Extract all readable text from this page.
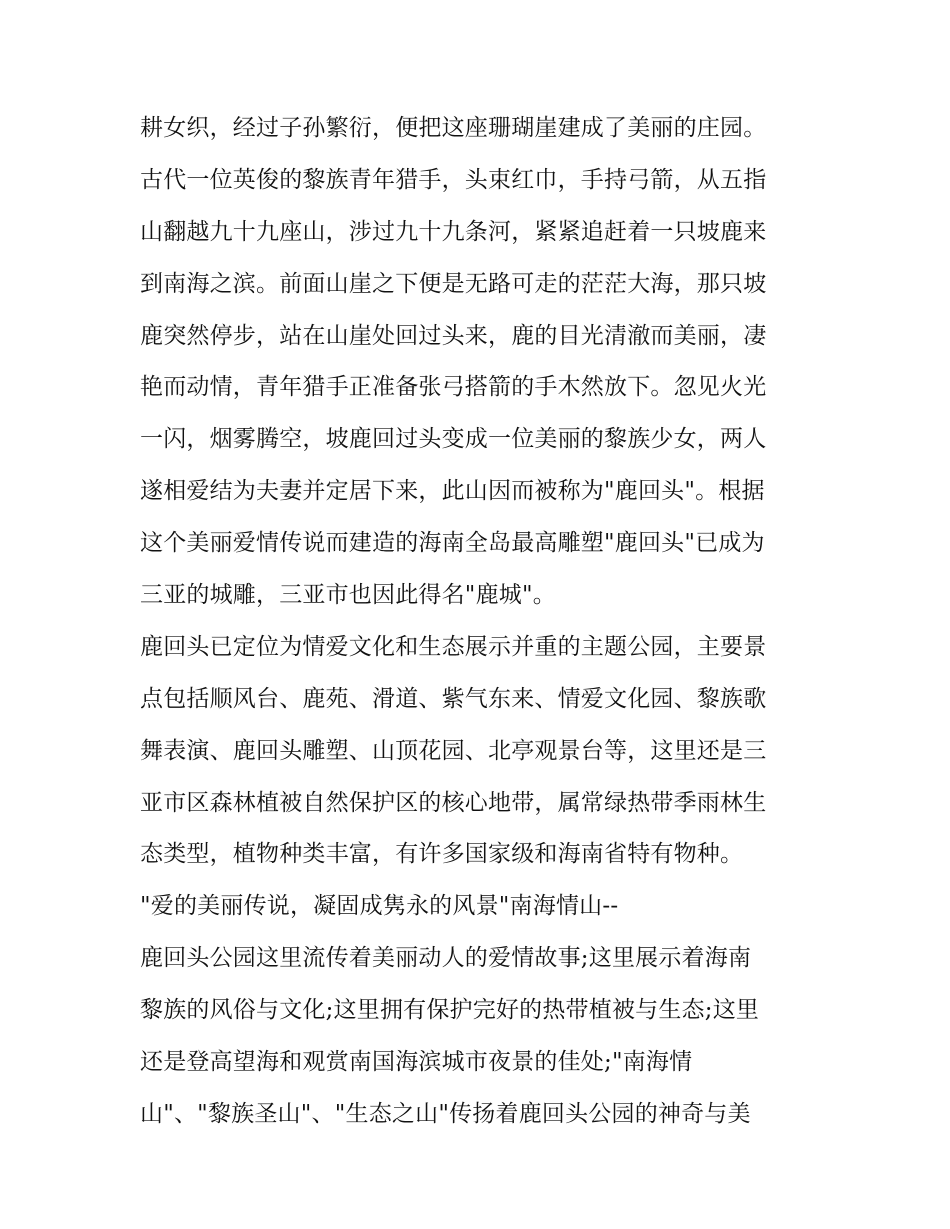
耕女织，经过子孙繁衍，便把这座珊瑚崖建成了美丽的庄园。
古代一位英俊的黎族青年猎手，头束红巾，手持弓箭，从五指
山翻越九十九座山，涉过九十九条河，紧紧追赶着一只坡鹿来
到南海之滨。前面山崖之下便是无路可走的茫茫大海，那只坡
鹿突然停步，站在山崖处回过头来，鹿的目光清澈而美丽，凄
艳而动情，青年猎手正准备张弓搭箭的手木然放下。忽见火光
一闪，烟雾腾空，坡鹿回过头变成一位美丽的黎族少女，两人
遂相爱结为夫妻并定居下来，此山因而被称为"鹿回头"。根据
这个美丽爱情传说而建造的海南全岛最高雕塑"鹿回头"已成为
三亚的城雕，三亚市也因此得名"鹿城"。
鹿回头已定位为情爱文化和生态展示并重的主题公园，主要景
点包括顺风台、鹿苑、滑道、紫气东来、情爱文化园、黎族歌
舞表演、鹿回头雕塑、山顶花园、北亭观景台等，这里还是三
亚市区森林植被自然保护区的核心地带，属常绿热带季雨林生
态类型，植物种类丰富，有许多国家级和海南省特有物种。
"爱的美丽传说，凝固成隽永的风景"南海情山--
鹿回头公园这里流传着美丽动人的爱情故事;这里展示着海南
黎族的风俗与文化;这里拥有保护完好的热带植被与生态;这里
还是登高望海和观赏南国海滨城市夜景的佳处;"南海情
山"、"黎族圣山"、"生态之山"传扬着鹿回头公园的神奇与美
